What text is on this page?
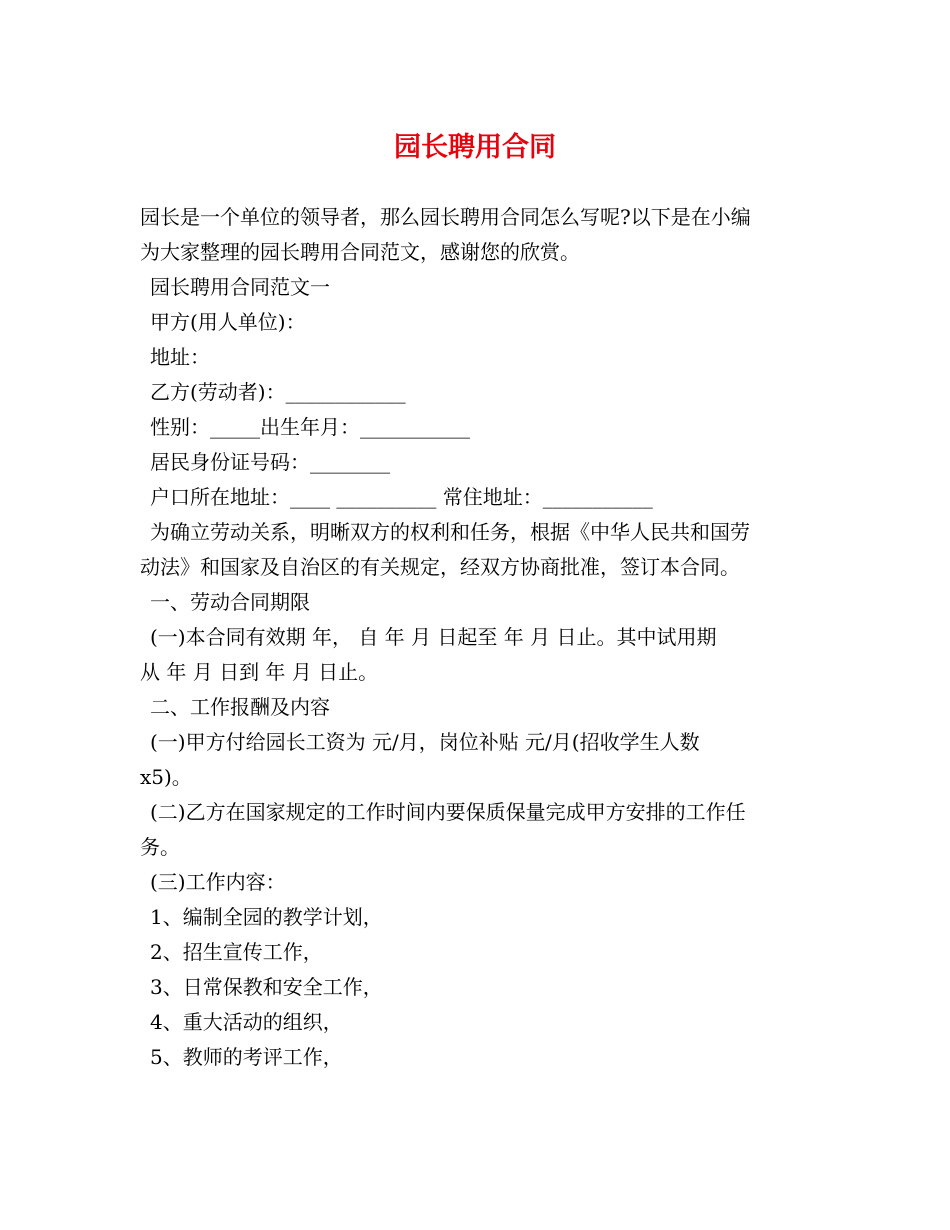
园长聘用合同
园长是一个单位的领导者，那么园长聘用合同怎么写呢?以下是在小编
为大家整理的园长聘用合同范文，感谢您的欣赏。
园长聘用合同范文一
甲方(用人单位)：
地址：
乙方(劳动者)：____________
性别：_____出生年月：___________
居民身份证号码：________
户口所在地址：____ __________ 常住地址：___________
为确立劳动关系，明晰双方的权利和任务，根据《中华人民共和国劳
动法》和国家及自治区的有关规定，经双方协商批准，签订本合同。
一、劳动合同期限
(一)本合同有效期 年， 自 年 月 日起至 年 月 日止。其中试用期
从 年 月 日到 年 月 日止。
二、工作报酬及内容
(一)甲方付给园长工资为 元/月，岗位补贴 元/月(招收学生人数
x5)。
(二)乙方在国家规定的工作时间内要保质保量完成甲方安排的工作任
务。
(三)工作内容：
1、编制全园的教学计划，
2、招生宣传工作，
3、日常保教和安全工作，
4、重大活动的组织，
5、教师的考评工作，
